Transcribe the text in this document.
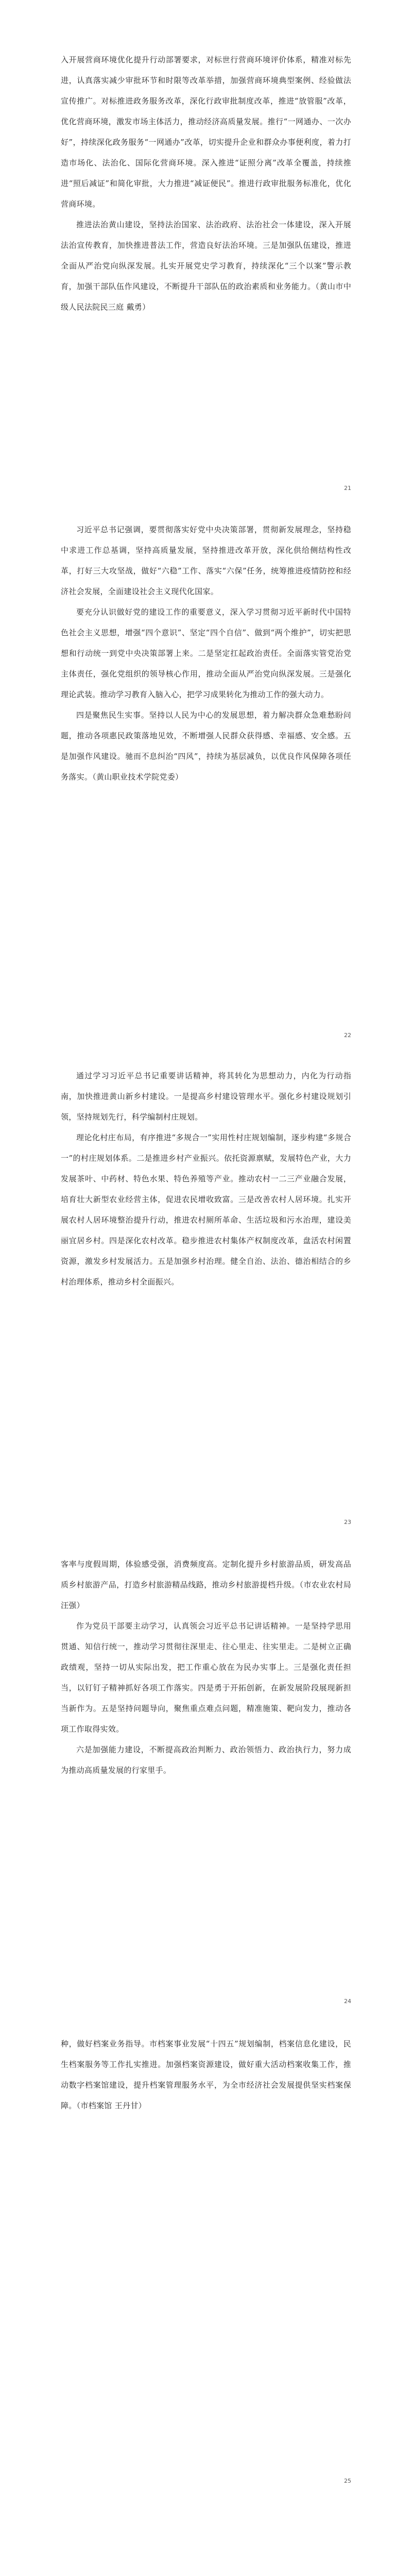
入开展营商环境优化提升行动部署要求，对标世行营商环境评价体系，精准对标先进，认真落实减少审批环节和时限等改革举措，加强营商环境典型案例、经验做法宣传推广。对标推进政务服务改革，深化行政审批制度改革，推进“放管服”改革，优化营商环境，激发市场主体活力，推动经济高质量发展。推行“一网通办、一次办好”，持续深化政务服务“一网通办”改革，切实提升企业和群众办事便利度，着力打造市场化、法治化、国际化营商环境。深入推进“证照分离”改革全覆盖，持续推进“照后减证”和简化审批，大力推进“减证便民”。推进行政审批服务标准化，优化营商环境。

推进法治黄山建设，坚持法治国家、法治政府、法治社会一体建设，深入开展法治宣传教育，加快推进普法工作，营造良好法治环境。三是加强队伍建设，推进全面从严治党向纵深发展。扎实开展党史学习教育，持续深化“三个以案”警示教育，加强干部队伍作风建设，不断提升干部队伍的政治素质和业务能力。（黄山市中级人民法院民三庭 戴勇）

21

习近平总书记强调，要贯彻落实好党中央决策部署，贯彻新发展理念，坚持稳中求进工作总基调，坚持高质量发展，坚持推进改革开放，深化供给侧结构性改革，打好三大攻坚战，做好“六稳”工作、落实“六保”任务，统筹推进疫情防控和经济社会发展，全面建设社会主义现代化国家。

要充分认识做好党的建设工作的重要意义，深入学习贯彻习近平新时代中国特色社会主义思想，增强“四个意识”、坚定“四个自信”、做到“两个维护”，切实把思想和行动统一到党中央决策部署上来。二是坚定扛起政治责任。全面落实管党治党主体责任，强化党组织的领导核心作用，推动全面从严治党向纵深发展。三是强化理论武装。推动学习教育入脑入心，把学习成果转化为推动工作的强大动力。

四是聚焦民生实事。坚持以人民为中心的发展思想，着力解决群众急难愁盼问题，推动各项惠民政策落地见效，不断增强人民群众获得感、幸福感、安全感。五是加强作风建设。驰而不息纠治“四风”，持续为基层减负，以优良作风保障各项任务落实。（黄山职业技术学院党委）

22

通过学习习近平总书记重要讲话精神，将其转化为思想动力，内化为行动指南，加快推进黄山新乡村建设。一是提高乡村建设管理水平。强化乡村建设规划引领，坚持规划先行，科学编制村庄规划。

理论化村庄布局，有序推进“多规合一”实用性村庄规划编制，逐步构建“多规合一”的村庄规划体系。二是推进乡村产业振兴。依托资源禀赋，发展特色产业，大力发展茶叶、中药材、特色水果、特色养殖等产业。推动农村一二三产业融合发展，培育壮大新型农业经营主体，促进农民增收致富。三是改善农村人居环境。扎实开展农村人居环境整治提升行动，推进农村厕所革命、生活垃圾和污水治理，建设美丽宜居乡村。四是深化农村改革。稳步推进农村集体产权制度改革，盘活农村闲置资源，激发乡村发展活力。五是加强乡村治理。健全自治、法治、德治相结合的乡村治理体系，推动乡村全面振兴。

23

客率与度假周期，体验感受强，消费频度高。定制化提升乡村旅游品质，研发高品质乡村旅游产品，打造乡村旅游精品线路，推动乡村旅游提档升级。（市农业农村局 汪强）

作为党员干部要主动学习，认真领会习近平总书记讲话精神。一是坚持学思用贯通、知信行统一，推动学习贯彻往深里走、往心里走、往实里走。二是树立正确政绩观，坚持一切从实际出发，把工作重心放在为民办实事上。三是强化责任担当，以钉钉子精神抓好各项工作落实。四是勇于开拓创新，在新发展阶段展现新担当新作为。五是坚持问题导向，聚焦重点难点问题，精准施策、靶向发力，推动各项工作取得实效。

六是加强能力建设，不断提高政治判断力、政治领悟力、政治执行力，努力成为推动高质量发展的行家里手。

24

种，做好档案业务指导。市档案事业发展“十四五”规划编制，档案信息化建设，民生档案服务等工作扎实推进。加强档案资源建设，做好重大活动档案收集工作，推动数字档案馆建设，提升档案管理服务水平，为全市经济社会发展提供坚实档案保障。（市档案馆 王丹甘）

25
